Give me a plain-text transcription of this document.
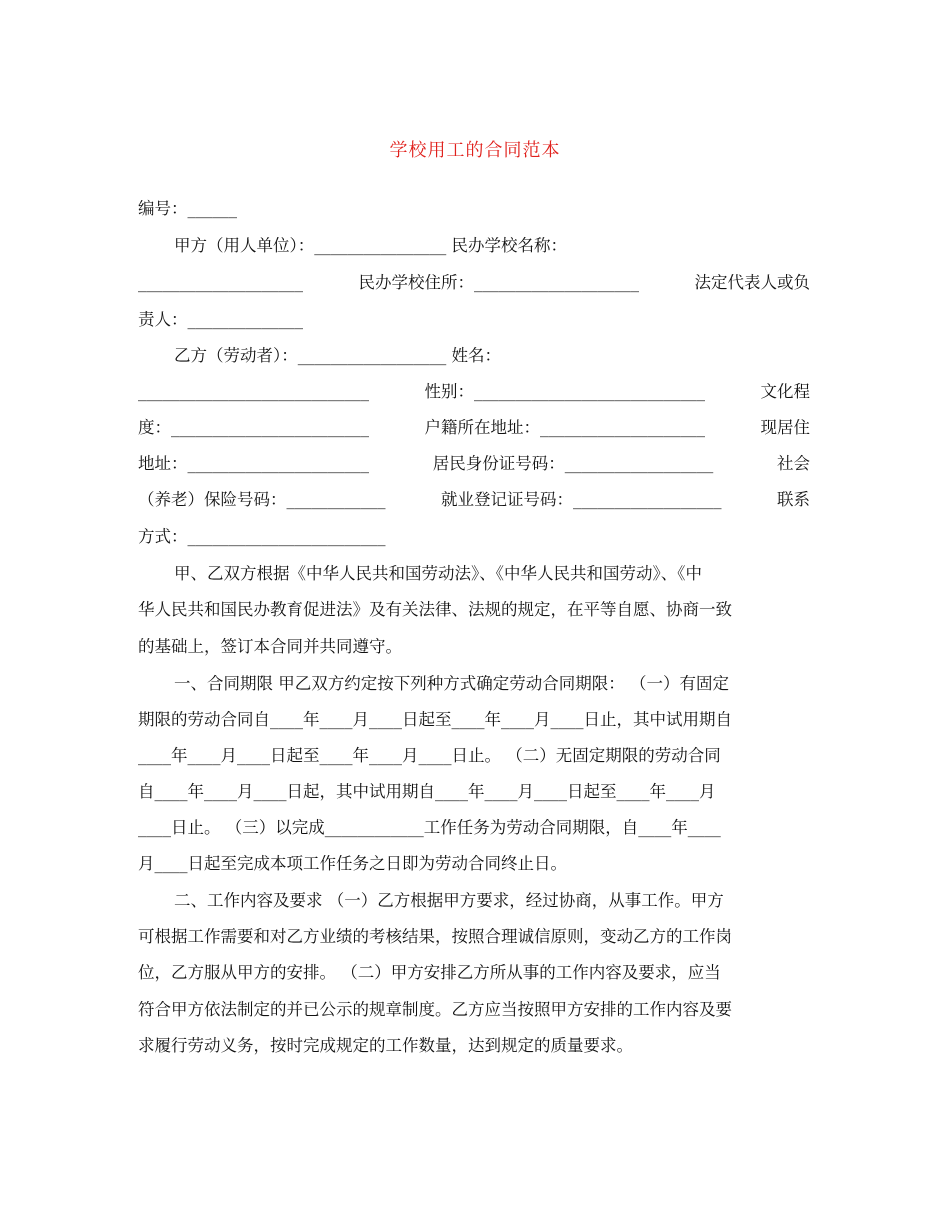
学校用工的合同范本
编号：______
甲方（用人单位）：________________ 民办学校名称：
____________________	民办学校住所：____________________	法定代表人或负
责人：______________
乙方（劳动者）：__________________ 姓名：
____________________________	性别：____________________________	文化程
度：________________________	户籍所在地址：____________________	现居住
地址：______________________	居民身份证号码：__________________	社会
（养老）保险号码：____________	就业登记证号码：__________________	联系
方式：________________________
甲、乙双方根据《中华人民共和国劳动法》、《中华人民共和国劳动》、《中
华人民共和国民办教育促进法》及有关法律、法规的规定，在平等自愿、协商一致
的基础上，签订本合同并共同遵守。
一、合同期限 甲乙双方约定按下列种方式确定劳动合同期限： （一）有固定
期限的劳动合同自____年____月____日起至____年____月____日止，其中试用期自
____年____月____日起至____年____月____日止。 （二）无固定期限的劳动合同
自____年____月____日起，其中试用期自____年____月____日起至____年____月
____日止。 （三）以完成____________工作任务为劳动合同期限，自____年____
月____日起至完成本项工作任务之日即为劳动合同终止日。
二、工作内容及要求 （一）乙方根据甲方要求，经过协商，从事工作。甲方
可根据工作需要和对乙方业绩的考核结果，按照合理诚信原则，变动乙方的工作岗
位，乙方服从甲方的安排。 （二）甲方安排乙方所从事的工作内容及要求，应当
符合甲方依法制定的并已公示的规章制度。乙方应当按照甲方安排的工作内容及要
求履行劳动义务，按时完成规定的工作数量，达到规定的质量要求。
